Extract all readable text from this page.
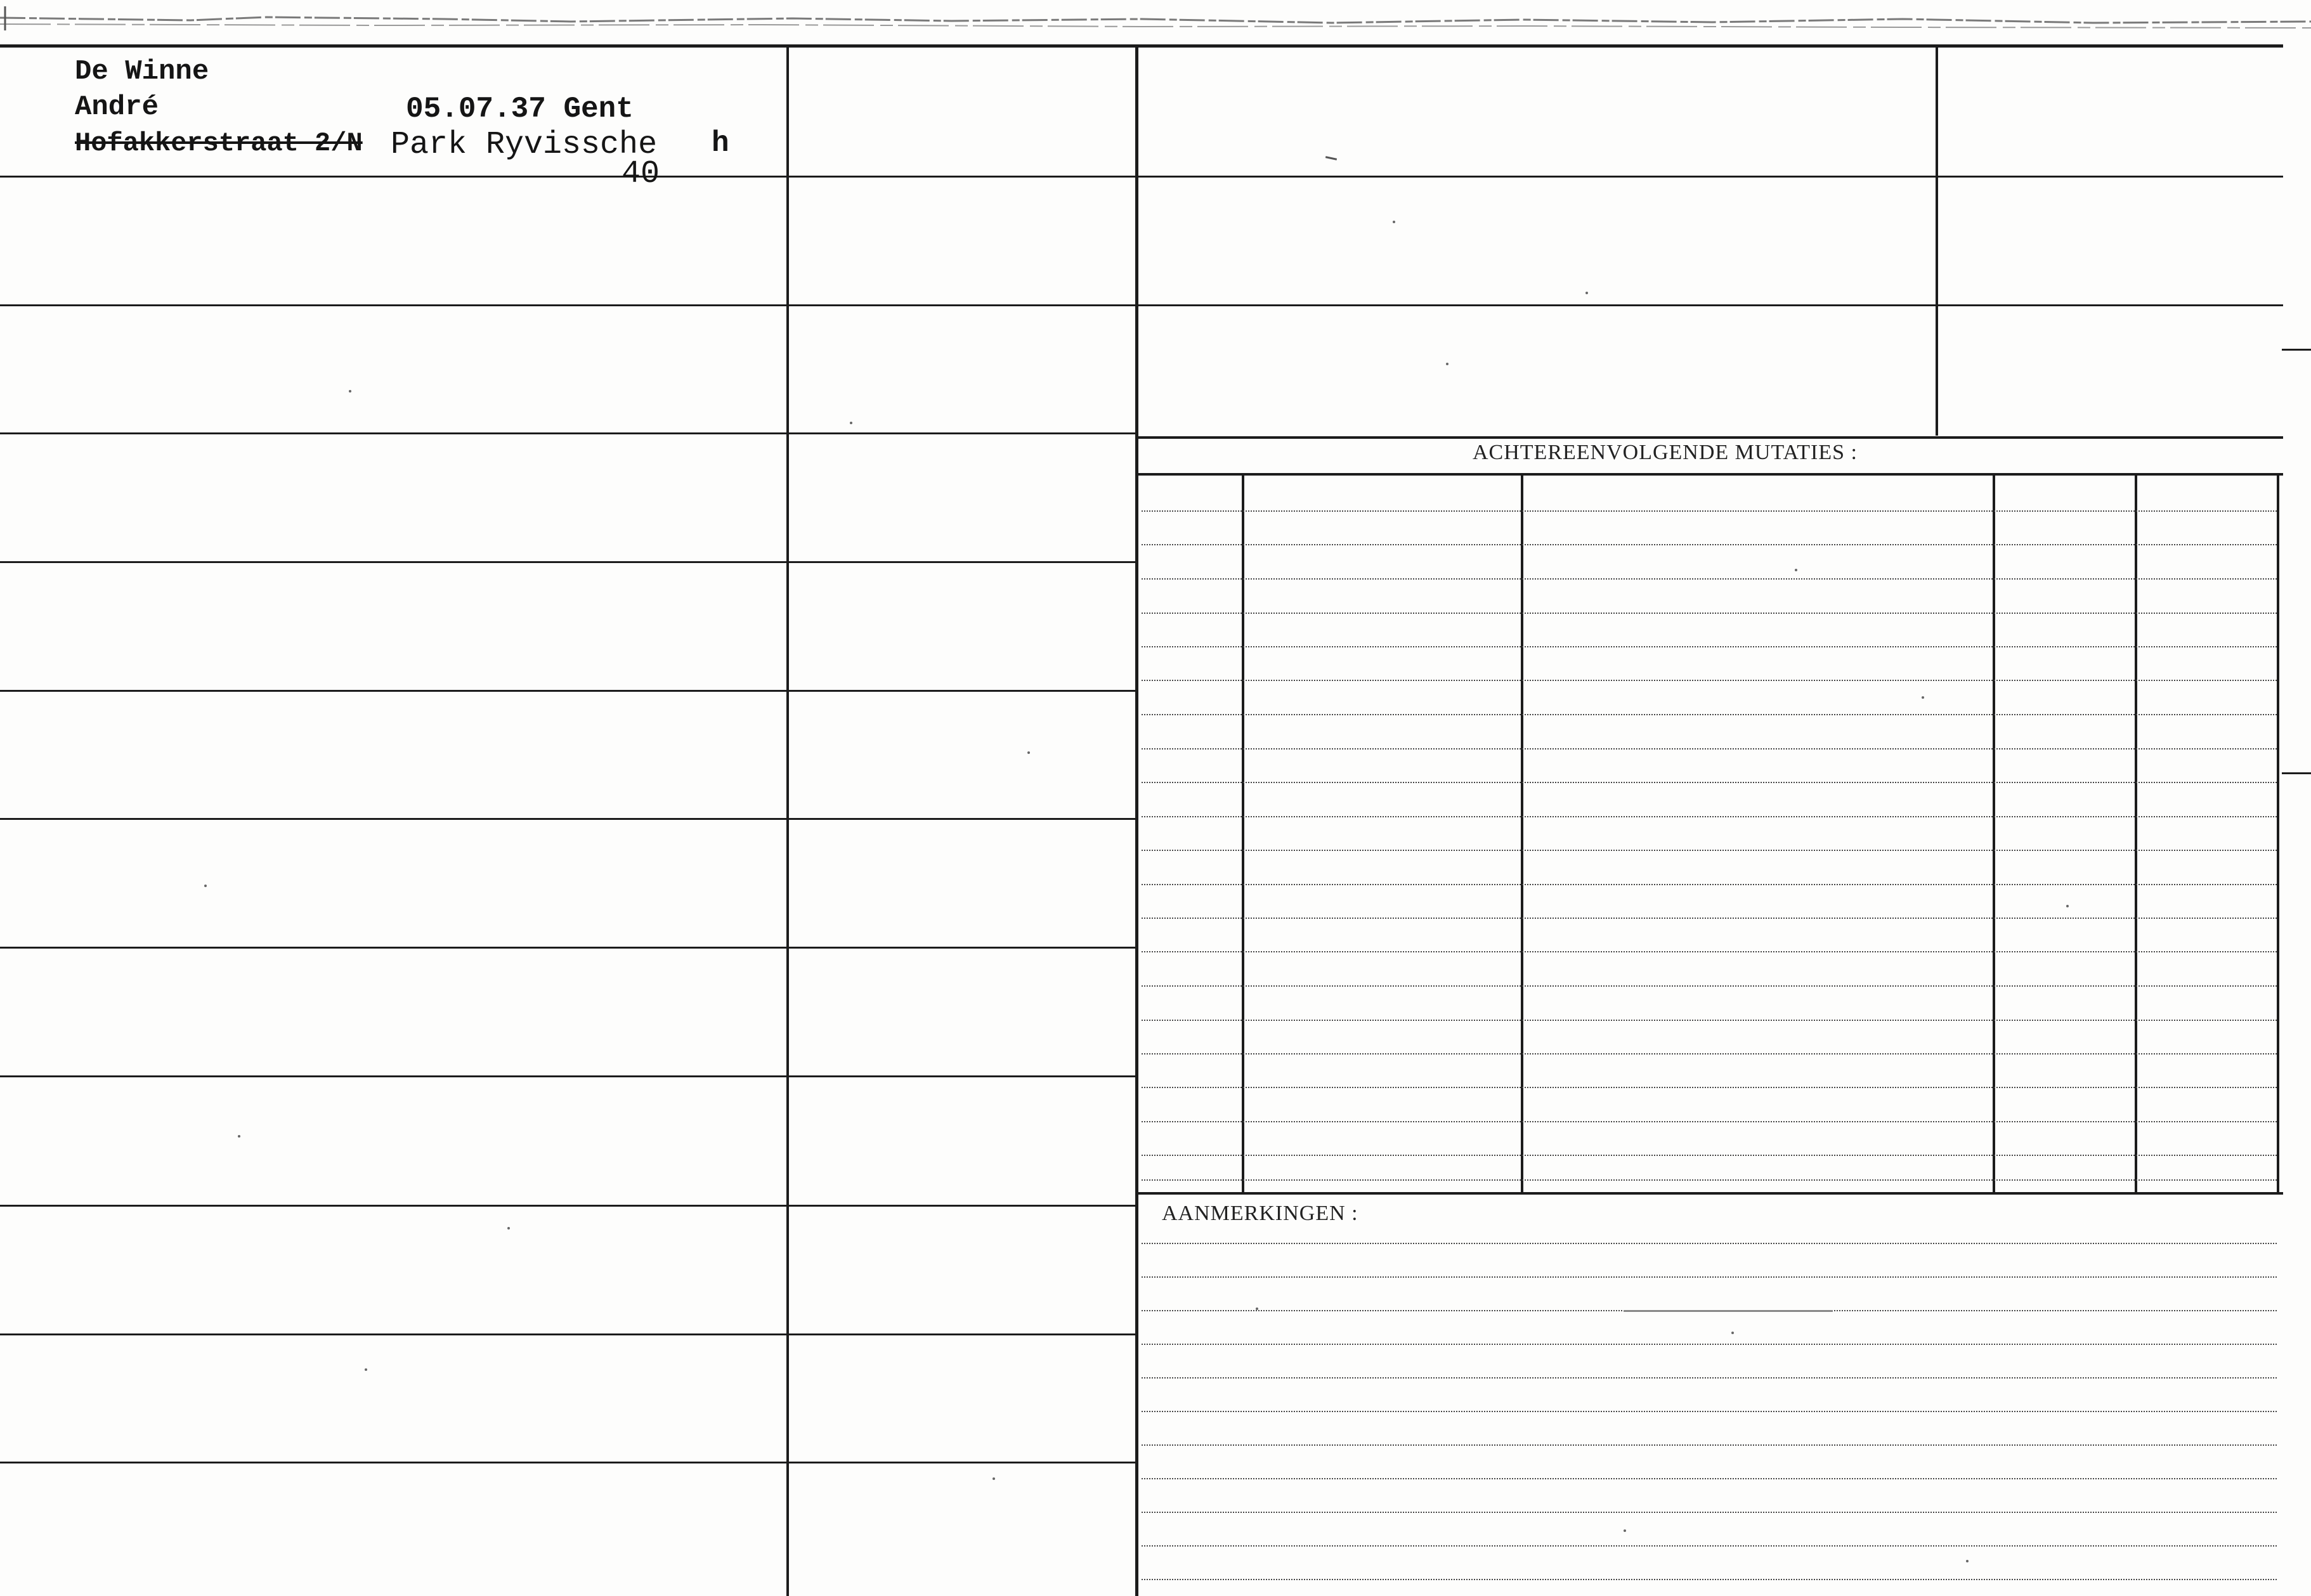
ACHTEREENVOLGENDE MUTATIES :
AANMERKINGEN :
De Winne
André	05.07.37 Gent
Hofakkerstraat 2/N Park Ryvissche h
40
